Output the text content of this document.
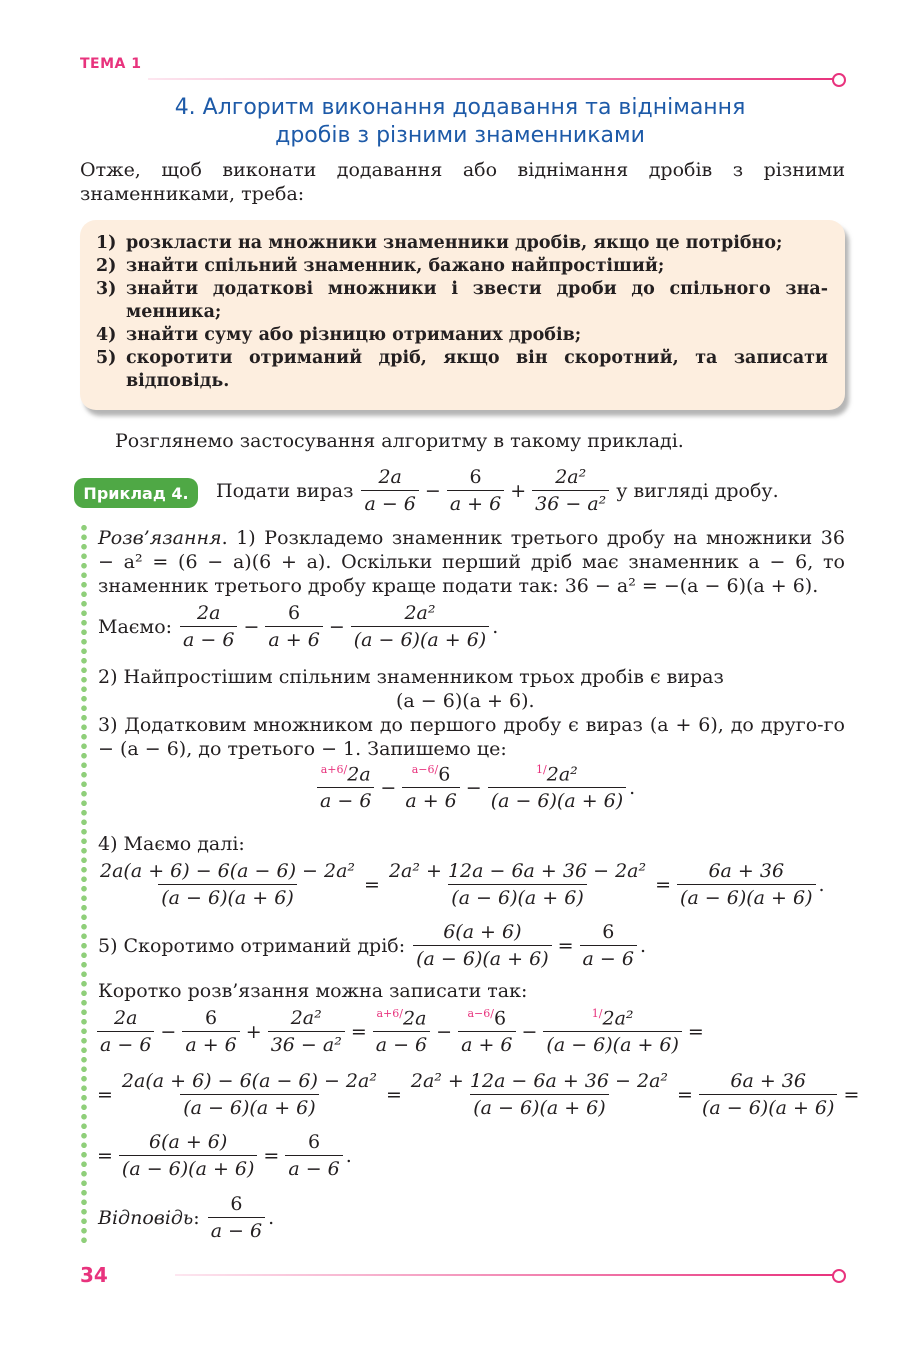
ТЕМА 1
4. Алгоритм виконання додавання та віднімання
дробів з різними знаменниками
Отже, щоб виконати додавання або віднімання дробів з різними знаменниками, треба:
1) розкласти на множники знаменники дробів, якщо це потрібно;
2) знайти спільний знаменник, бажано найпростіший;
3) знайти додаткові множники і звести дроби до спільного зна-менника;
4) знайти суму або різницю отриманих дробів;
5) скоротити отриманий дріб, якщо він скоротний, та записати відповідь.
Розглянемо застосування алгоритму в такому прикладі.
Приклад 4.	Подати вираз $\frac{2a}{a - 6} - \frac{6}{a + 6} + \frac{\text{2a²}}{\text{36 − a²}}$ у вигляді дробу.
Розв’язання. 1) Розкладемо знаменник третього дробу на множники 36 − a² = (6 − a)(6 + a). Оскільки перший дріб має знаменник a − 6, то знаменник третього дробу краще подати так: 36 − a² = −(a − 6)(a + 6).
Маємо: $\frac{2a}{a - 6} - \frac{6}{a + 6} - \frac{\text{2a²}}{(a - 6)(a + 6)}$ .
2) Найпростішим спільним знаменником трьох дробів є вираз
(a − 6)(a + 6).
3) Додатковим множником до першого дробу є вираз (a + 6), до друго-го − (a − 6), до третього − 1. Запишемо це:
$\frac{^{a+6/}2a}{a - 6} - \frac{^{a-6/}6}{a + 6} - \frac{^{1/}2a^2}{(a - 6)(a + 6)}$ .
4) Маємо далі:
$\frac{\text{2a(a + 6) − 6(a − 6) − 2a²}}{(a - 6)(a + 6)} = \frac{\text{2a² + 12a − 6a + 36 − 2a²}}{(a - 6)(a + 6)} = \frac{6a + 36}{(a - 6)(a + 6)}$ .
5) Скоротимо отриманий дріб: $\frac{6(a + 6)}{(a - 6)(a + 6)} = \frac{6}{a - 6}$ .
Коротко розв’язання можна записати так:
$\frac{2a}{a - 6} - \frac{6}{a + 6} + \frac{\text{2a²}}{\text{36 − a²}} = \frac{^{a+6/}2a}{a - 6} - \frac{^{a-6/}6}{a + 6} - \frac{^{1/}2a^2}{(a - 6)(a + 6)}$ =
= $\frac{\text{2a(a + 6) − 6(a − 6) − 2a²}}{(a - 6)(a + 6)} = \frac{\text{2a² + 12a − 6a + 36 − 2a²}}{(a - 6)(a + 6)} = \frac{6a + 36}{(a - 6)(a + 6)}$ =
= $\frac{6(a + 6)}{(a - 6)(a + 6)} = \frac{6}{a - 6}$ .
Відповідь : $\frac{6}{a - 6}$ .
34
